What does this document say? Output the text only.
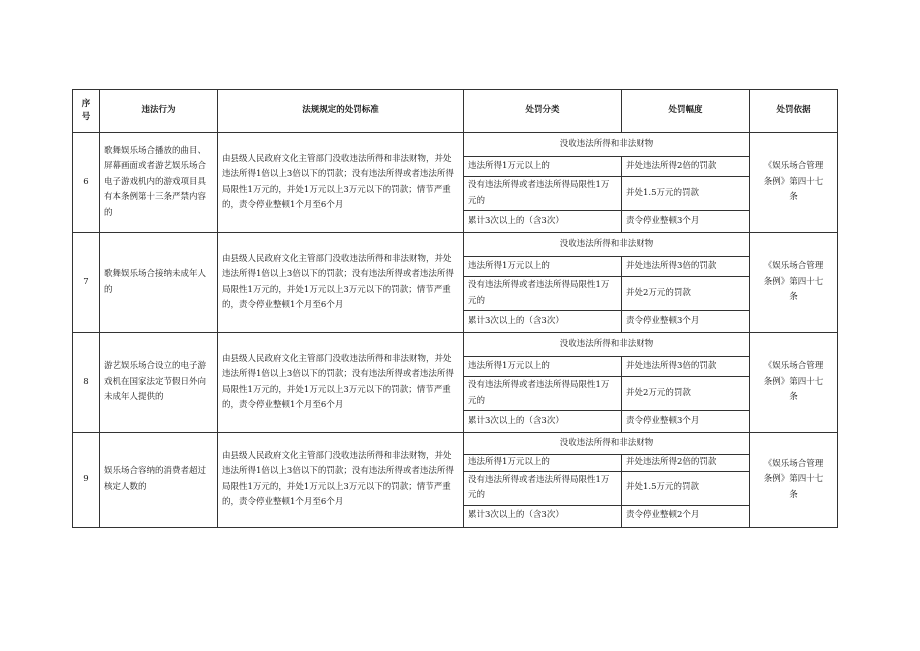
序号	违法行为	法规规定的处罚标准	处罚分类	处罚幅度	处罚依据
6	歌舞娱乐场合播放的曲目、屏幕画面或者游艺娱乐场合电子游戏机内的游戏项目具有本条例第十三条严禁内容的	由县级人民政府文化主管部门没收违法所得和非法财物，并处违法所得1倍以上3倍以下的罚款；没有违法所得或者违法所得局限性1万元的，并处1万元以上3万元以下的罚款；情节严重的，责令停业整顿1个月至6个月	没收违法所得和非法财物		《娱乐场合管理条例》第四十七条
			违法所得1万元以上的	并处违法所得2倍的罚款	
			没有违法所得或者违法所得局限性1万元的	并处1.5万元的罚款	
			累计3次以上的（含3次）	责令停业整顿3个月	
7	歌舞娱乐场合接纳未成年人的	由县级人民政府文化主管部门没收违法所得和非法财物，并处违法所得1倍以上3倍以下的罚款；没有违法所得或者违法所得局限性1万元的，并处1万元以上3万元以下的罚款；情节严重的，责令停业整顿1个月至6个月	没收违法所得和非法财物		《娱乐场合管理条例》第四十七条
			违法所得1万元以上的	并处违法所得3倍的罚款	
			没有违法所得或者违法所得局限性1万元的	并处2万元的罚款	
			累计3次以上的（含3次）	责令停业整顿3个月	
8	游艺娱乐场合设立的电子游戏机在国家法定节假日外向未成年人提供的	由县级人民政府文化主管部门没收违法所得和非法财物，并处违法所得1倍以上3倍以下的罚款；没有违法所得或者违法所得局限性1万元的，并处1万元以上3万元以下的罚款；情节严重的，责令停业整顿1个月至6个月	没收违法所得和非法财物		《娱乐场合管理条例》第四十七条
			违法所得1万元以上的	并处违法所得3倍的罚款	
			没有违法所得或者违法所得局限性1万元的	并处2万元的罚款	
			累计3次以上的（含3次）	责令停业整顿3个月	
9	娱乐场合容纳的消费者超过核定人数的	由县级人民政府文化主管部门没收违法所得和非法财物，并处违法所得1倍以上3倍以下的罚款；没有违法所得或者违法所得局限性1万元的，并处1万元以上3万元以下的罚款；情节严重的，责令停业整顿1个月至6个月	没收违法所得和非法财物		《娱乐场合管理条例》第四十七条
			违法所得1万元以上的	并处违法所得2倍的罚款	
			没有违法所得或者违法所得局限性1万元的	并处1.5万元的罚款	
			累计3次以上的（含3次）	责令停业整顿2个月	
